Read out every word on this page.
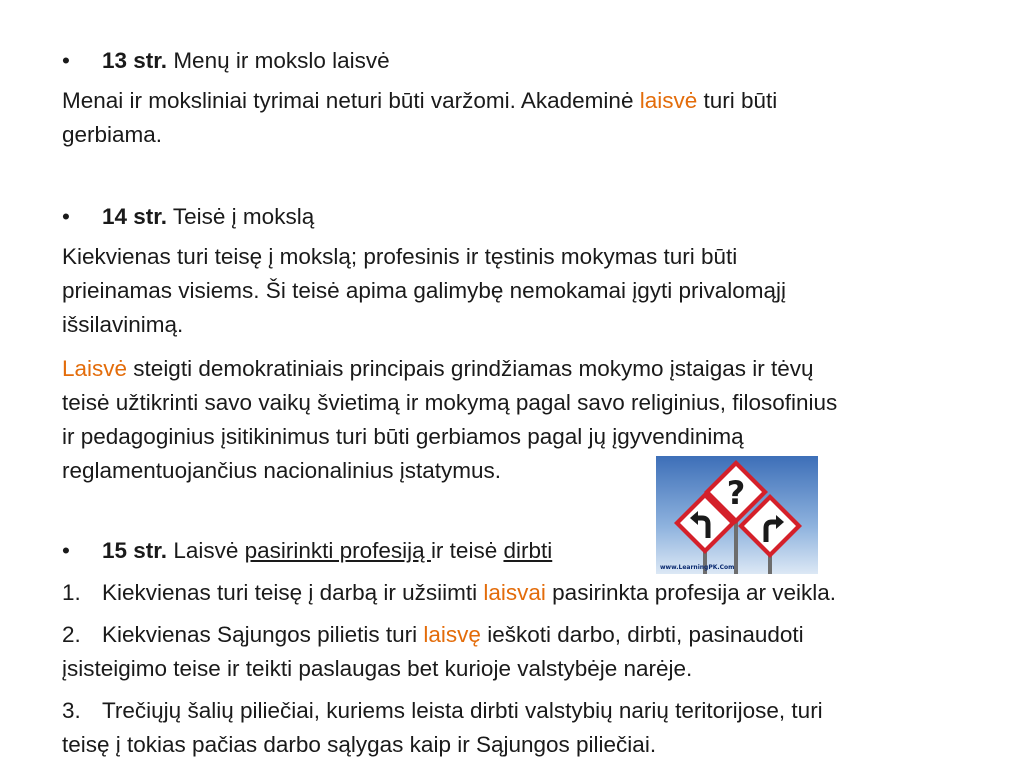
• 13 str. Menų ir mokslo laisvė
Menai ir moksliniai tyrimai neturi būti varžomi. Akademinė laisvė turi būti
gerbiama.
• 14 str. Teisė į mokslą
Kiekvienas turi teisę į mokslą; profesinis ir tęstinis mokymas turi būti
prieinamas visiems. Ši teisė apima galimybę nemokamai įgyti privalomąjį
išsilavinimą.
Laisvė steigti demokratiniais principais grindžiamas mokymo įstaigas ir tėvų
teisė užtikrinti savo vaikų švietimą ir mokymą pagal savo religinius, filosofinius
ir pedagoginius įsitikinimus turi būti gerbiamos pagal jų įgyvendinimą
reglamentuojančius nacionalinius įstatymus.
?
www.LearningPK.Com
• 15 str. Laisvė pasirinkti profesiją ir teisė dirbti
1. Kiekvienas turi teisę į darbą ir užsiimti laisvai pasirinkta profesija ar veikla.
2. Kiekvienas Sąjungos pilietis turi laisvę ieškoti darbo, dirbti, pasinaudoti
įsisteigimo teise ir teikti paslaugas bet kurioje valstybėje narėje.
3. Trečiųjų šalių piliečiai, kuriems leista dirbti valstybių narių teritorijose, turi
teisę į tokias pačias darbo sąlygas kaip ir Sąjungos piliečiai.
